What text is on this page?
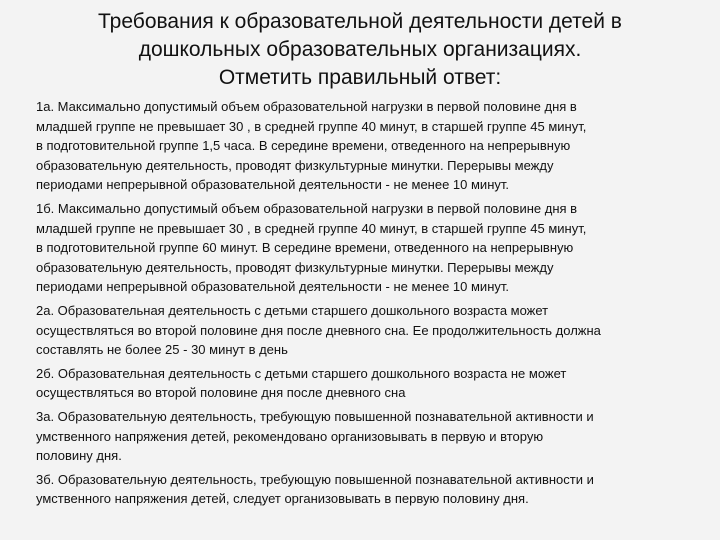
Требования к образовательной деятельности детей в
дошкольных образовательных организациях.
Отметить правильный ответ:
1а. Максимально допустимый объем образовательной нагрузки в первой половине дня в
младшей группе не превышает 30 , в средней группе 40 минут, в старшей группе 45 минут,
в подготовительной группе 1,5 часа. В середине времени, отведенного на непрерывную
образовательную деятельность, проводят физкультурные минутки. Перерывы между
периодами непрерывной образовательной деятельности - не менее 10 минут.
1б. Максимально допустимый объем образовательной нагрузки в первой половине дня в
младшей группе не превышает 30 , в средней группе 40 минут, в старшей группе 45 минут,
в подготовительной группе 60 минут. В середине времени, отведенного на непрерывную
образовательную деятельность, проводят физкультурные минутки. Перерывы между
периодами непрерывной образовательной деятельности - не менее 10 минут.
2а. Образовательная деятельность с детьми старшего дошкольного возраста может
осуществляться во второй половине дня после дневного сна. Ее продолжительность должна
составлять не более 25 - 30 минут в день
2б. Образовательная деятельность с детьми старшего дошкольного возраста не может
осуществляться во второй половине дня после дневного сна
3а. Образовательную деятельность, требующую повышенной познавательной активности и
умственного напряжения детей, рекомендовано организовывать в первую и вторую
половину дня.
3б. Образовательную деятельность, требующую повышенной познавательной активности и
умственного напряжения детей, следует организовывать в первую половину дня.
